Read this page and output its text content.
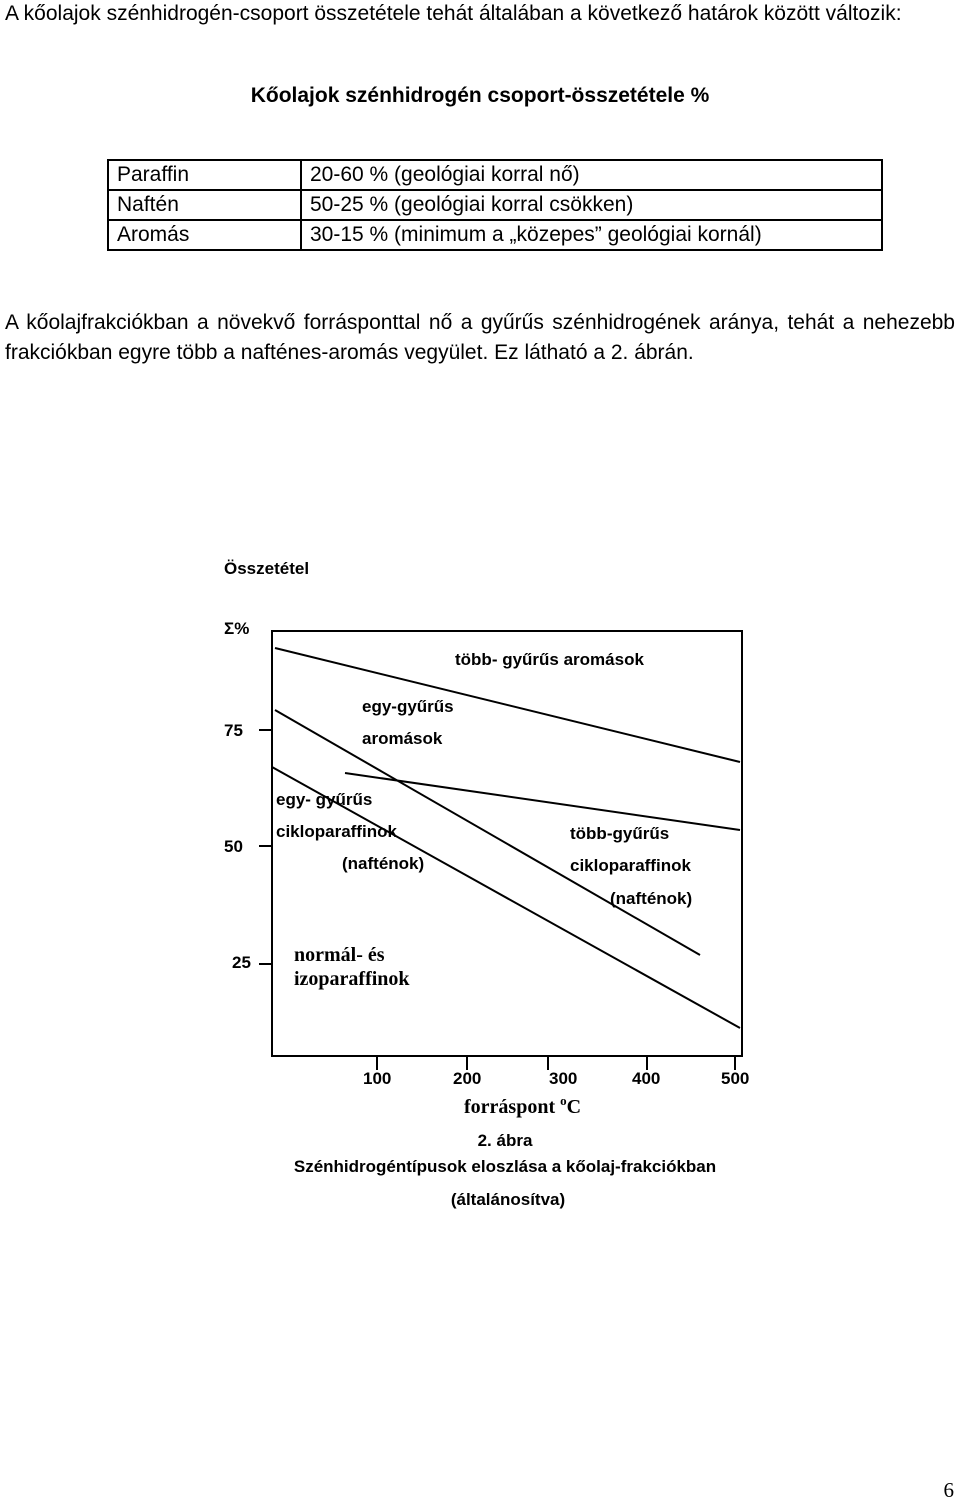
A kőolajok szénhidrogén-csoport összetétele tehát általában a következő határok között változik:

Kőolajok szénhidrogén csoport-összetétele %
Paraffin	20-60 % (geológiai korral nő)
Naftén	50-25 % (geológiai korral csökken)
Aromás	30-15 % (minimum a „közepes” geológiai kornál)

A kőolajfrakciókban a növekvő forrásponttal nő a gyűrűs szénhidrogének aránya, tehát a nehezebb frakciókban egyre több a nafténes-aromás vegyület. Ez látható a 2. ábrán.

Összetétel
Σ%
75
50
25
100	200	300	400	500
forráspont $^o$C
több- gyűrűs aromások
egy-gyűrűs
aromások
egy- gyűrűs
cikloparaffinok
(nafténok)
több-gyűrűs
cikloparaffinok
(nafténok)
normál- és
izoparaffinok
2. ábra
Szénhidrogéntípusok eloszlása a kőolaj-frakciókban
(általánosítva)
6
